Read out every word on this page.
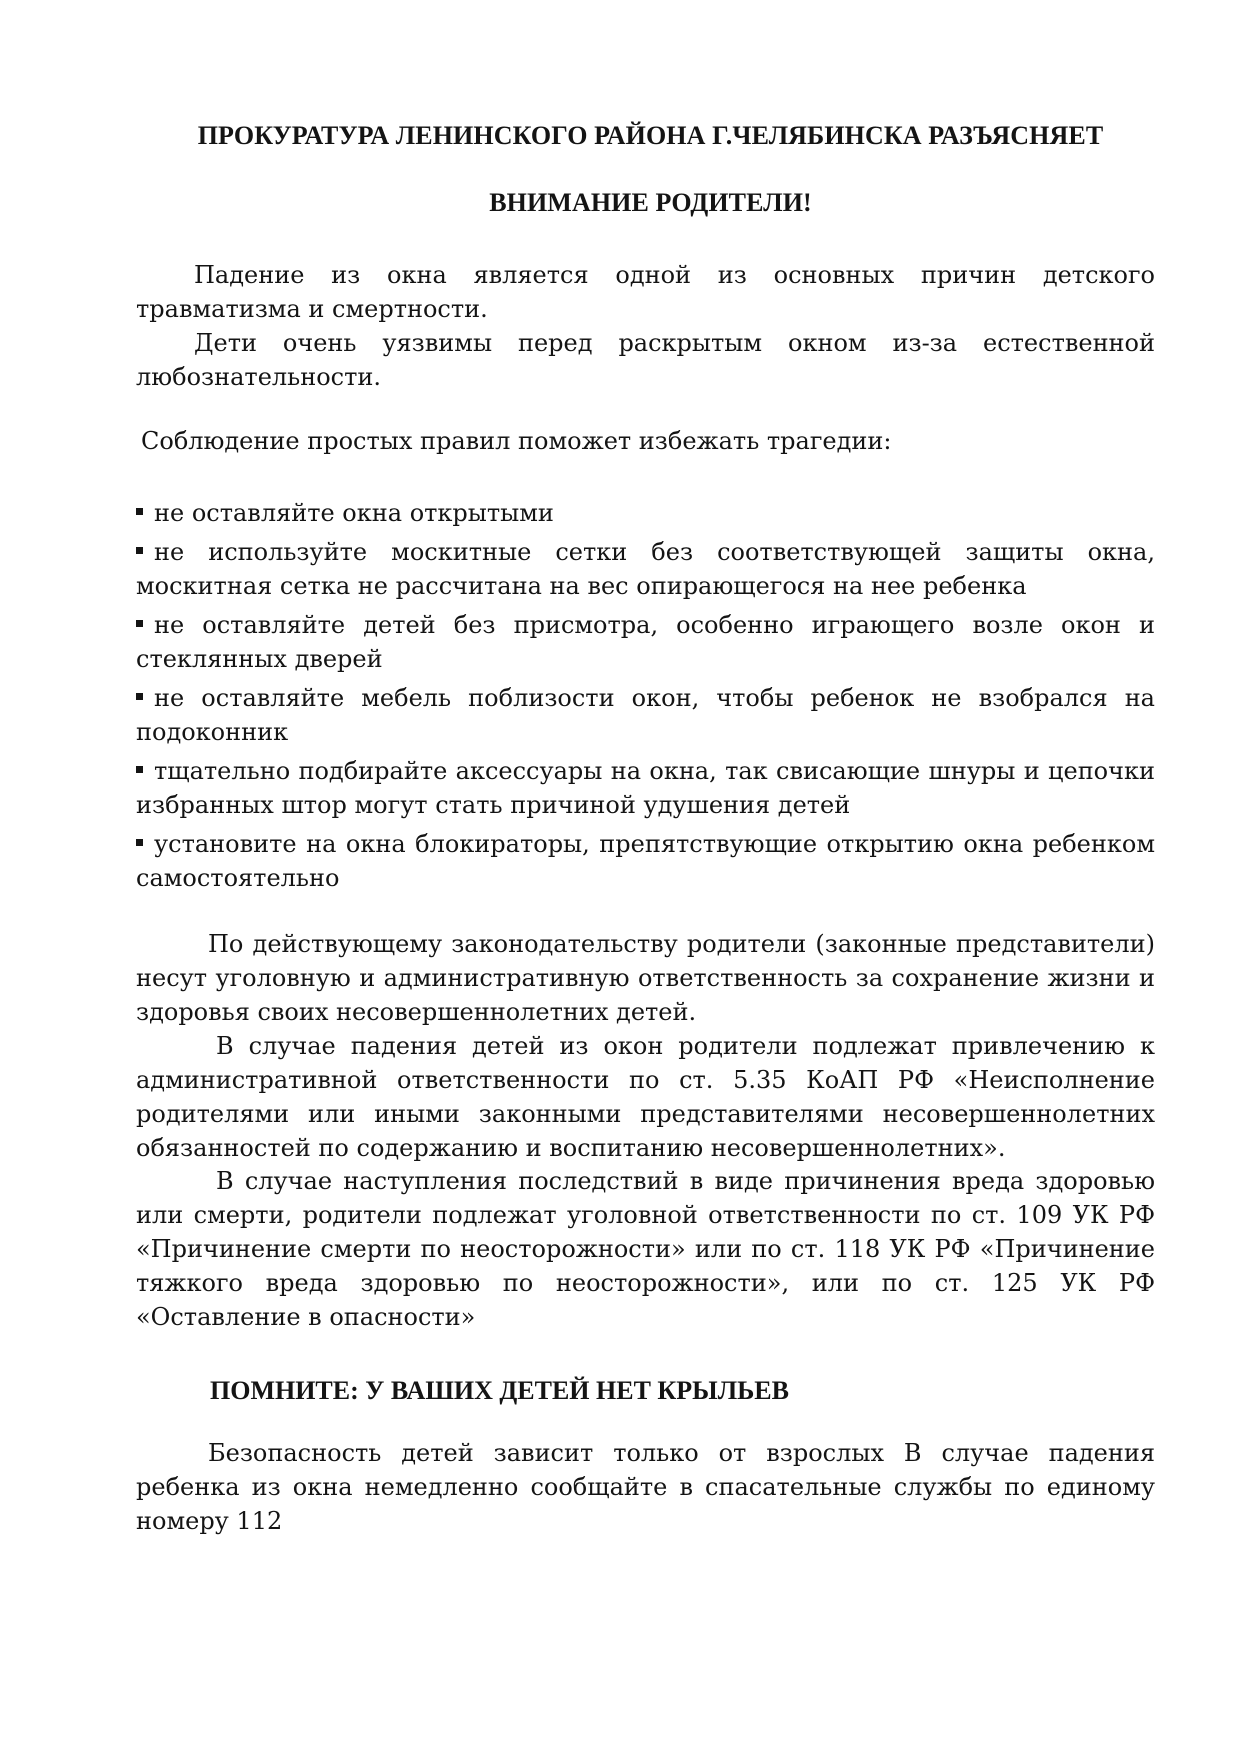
ПРОКУРАТУРА ЛЕНИНСКОГО РАЙОНА Г.ЧЕЛЯБИНСКА РАЗЪЯСНЯЕТ
ВНИМАНИЕ РОДИТЕЛИ!

Падение из окна является одной из основных причин детского травматизма и смертности.

Дети очень уязвимы перед раскрытым окном из-за естественной любознательности.

Соблюдение простых правил поможет избежать трагедии:

не оставляйте окна открытыми
не используйте москитные сетки без соответствующей защиты окна, москитная сетка не рассчитана на вес опирающегося на нее ребенка
не оставляйте детей без присмотра, особенно играющего возле окон и стеклянных дверей
не оставляйте мебель поблизости окон, чтобы ребенок не взобрался на подоконник
тщательно подбирайте аксессуары на окна, так свисающие шнуры и цепочки избранных штор могут стать причиной удушения детей
установите на окна блокираторы, препятствующие открытию окна ребенком самостоятельно

По действующему законодательству родители (законные представители) несут уголовную и административную ответственность за сохранение жизни и здоровья своих несовершеннолетних детей.

В случае падения детей из окон родители подлежат привлечению к административной ответственности по ст. 5.35 КоАП РФ «Неисполнение родителями или иными законными представителями несовершеннолетних обязанностей по содержанию и воспитанию несовершеннолетних».

В случае наступления последствий в виде причинения вреда здоровью или смерти, родители подлежат уголовной ответственности по ст. 109 УК РФ «Причинение смерти по неосторожности» или по ст. 118 УК РФ «Причинение тяжкого вреда здоровью по неосторожности», или по ст. 125 УК РФ «Оставление в опасности»

ПОМНИТЕ: У ВАШИХ ДЕТЕЙ НЕТ КРЫЛЬЕВ

Безопасность детей зависит только от взрослых В случае падения ребенка из окна немедленно сообщайте в спасательные службы по единому номеру 112
